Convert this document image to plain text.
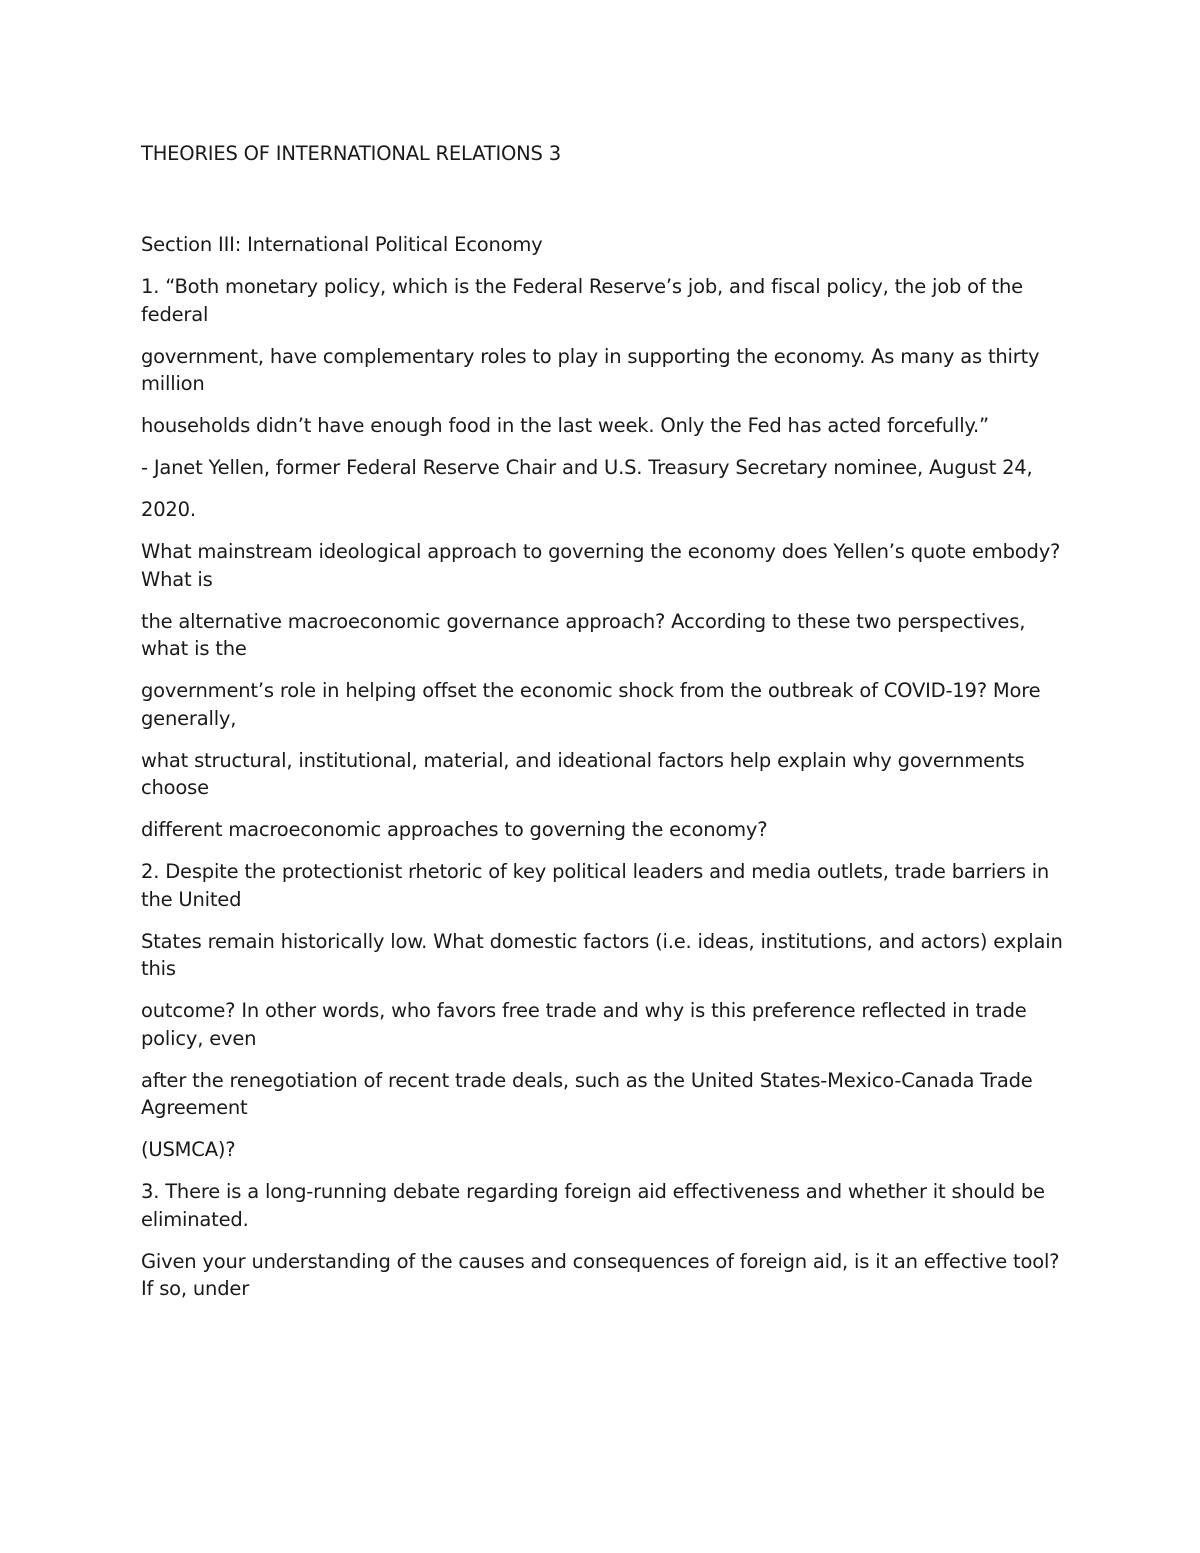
THEORIES OF INTERNATIONAL RELATIONS 3

Section III: International Political Economy

1. “Both monetary policy, which is the Federal Reserve’s job, and fiscal policy, the job of the federal

government, have complementary roles to play in supporting the economy. As many as thirty million

households didn’t have enough food in the last week. Only the Fed has acted forcefully.”

- Janet Yellen, former Federal Reserve Chair and U.S. Treasury Secretary nominee, August 24,

2020.

What mainstream ideological approach to governing the economy does Yellen’s quote embody? What is

the alternative macroeconomic governance approach? According to these two perspectives, what is the

government’s role in helping offset the economic shock from the outbreak of COVID-19? More generally,

what structural, institutional, material, and ideational factors help explain why governments choose

different macroeconomic approaches to governing the economy?

2. Despite the protectionist rhetoric of key political leaders and media outlets, trade barriers in the United

States remain historically low. What domestic factors (i.e. ideas, institutions, and actors) explain this

outcome? In other words, who favors free trade and why is this preference reflected in trade policy, even

after the renegotiation of recent trade deals, such as the United States-Mexico-Canada Trade Agreement

(USMCA)?

3. There is a long-running debate regarding foreign aid effectiveness and whether it should be eliminated.

Given your understanding of the causes and consequences of foreign aid, is it an effective tool? If so, under
